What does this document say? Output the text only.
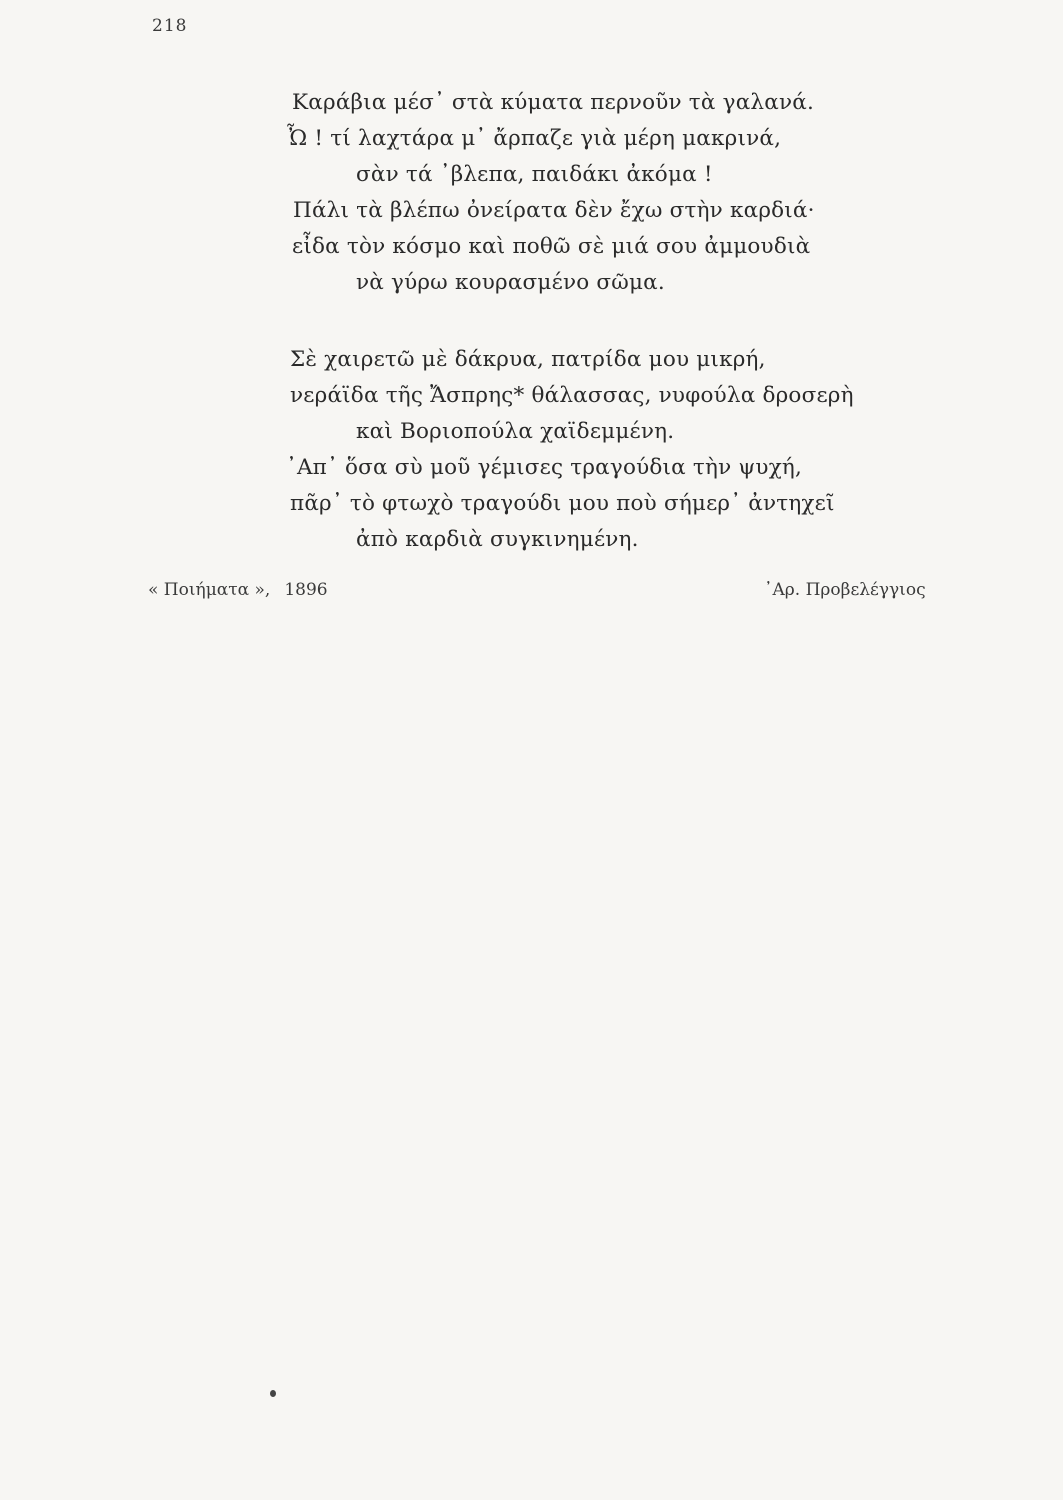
218
Καράβια μέσ᾿ στὰ κύματα περνοῦν τὰ γαλανά.
Ὦ ! τί λαχτάρα μ᾿ ἄρπαζε γιὰ μέρη μακρινά,
σὰν τά ᾿βλεπα, παιδάκι ἀκόμα !
Πάλι τὰ βλέπω ὀνείρατα δὲν ἔχω στὴν καρδιά·
εἶδα τὸν κόσμο καὶ ποθῶ σὲ μιά σου ἀμμουδιὰ
νὰ γύρω κουρασμένο σῶμα.
Σὲ χαιρετῶ μὲ δάκρυα, πατρίδα μου μικρή,
νεράϊδα τῆς Ἄσπρης* θάλασσας, νυφούλα δροσερὴ
καὶ Βοριοπούλα χαϊδεμμένη.
᾿Απ᾿ ὅσα σὺ μοῦ γέμισες τραγούδια τὴν ψυχή,
πᾶρ᾿ τὸ φτωχὸ τραγούδι μου ποὺ σήμερ᾿ ἀντηχεῖ
ἀπὸ καρδιὰ συγκινημένη.
« Ποιήματα », 1896	᾿Αρ. Προβελέγγιος
